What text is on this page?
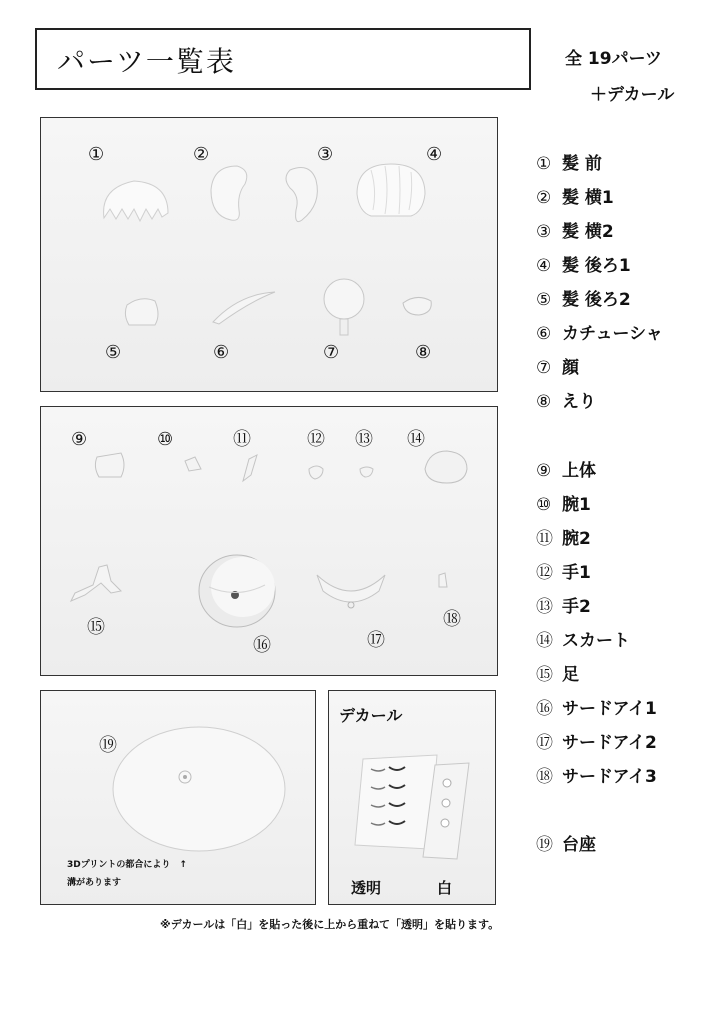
パーツ一覧表	全 19パーツ
＋デカール
①	②	③	④
⑤	⑥	⑦	⑧
⑨	⑩	⑪	⑫ ⑬ ⑭
⑮
⑯	⑰
⑱
⑲
3Dプリントの都合により　↑
溝があります
デカール
透明	白
① 髪 前
② 髪 横1
③ 髪 横2
④ 髪 後ろ1
⑤ 髪 後ろ2
⑥ カチューシャ
⑦ 顔
⑧ えり
⑨ 上体
⑩ 腕1
⑪ 腕2
⑫ 手1
⑬ 手2
⑭ スカート
⑮ 足
⑯ サードアイ1
⑰ サードアイ2
⑱ サードアイ3
⑲ 台座
※デカールは「白」を貼った後に上から重ねて「透明」を貼ります。
